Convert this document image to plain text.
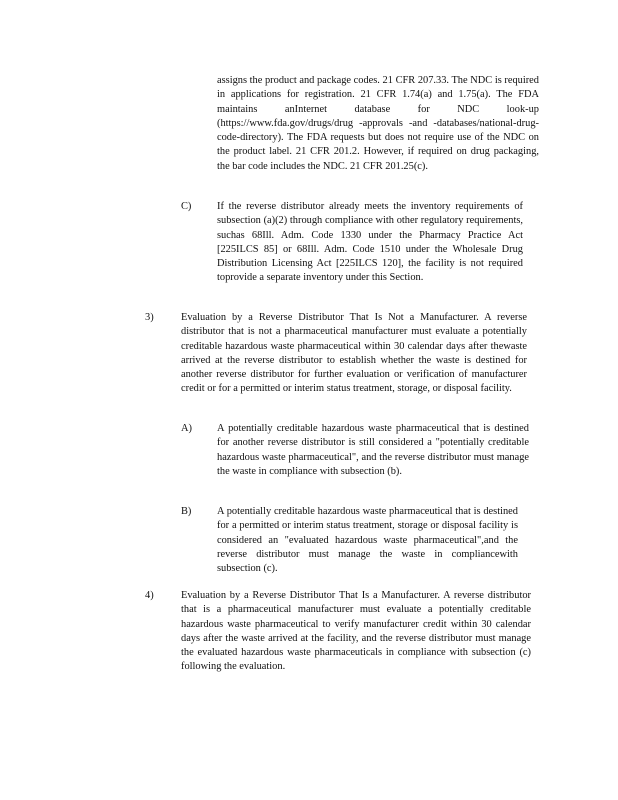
assigns the product and package codes. 21 CFR 207.33. The NDC is required in applications for registration. 21 CFR 1.74(a) and 1.75(a). The FDA maintains anInternet database for NDC look-up (https://www.fda.gov/drugs/drug -approvals -and -databases/national-drug-code-directory). The FDA requests but does not require use of the NDC on the product label. 21 CFR 201.2. However, if required on drug packaging, the bar code includes the NDC. 21 CFR 201.25(c).

C) If the reverse distributor already meets the inventory requirements of subsection (a)(2) through compliance with other regulatory requirements, suchas 68Ill. Adm. Code 1330 under the Pharmacy Practice Act [225ILCS 85] or 68Ill. Adm. Code 1510 under the Wholesale Drug Distribution Licensing Act [225ILCS 120], the facility is not required toprovide a separate inventory under this Section.

3)	Evaluation by a Reverse Distributor That Is Not a Manufacturer. A reverse distributor that is not a pharmaceutical manufacturer must evaluate a potentially creditable hazardous waste pharmaceutical within 30 calendar days after thewaste arrived at the reverse distributor to establish whether the waste is destined for another reverse distributor for further evaluation or verification of manufacturer credit or for a permitted or interim status treatment, storage, or disposal facility.

A) A potentially creditable hazardous waste pharmaceutical that is destined for another reverse distributor is still considered a "potentially creditable hazardous waste pharmaceutical", and the reverse distributor must manage the waste in compliance with subsection (b).

B) A potentially creditable hazardous waste pharmaceutical that is destined for a permitted or interim status treatment, storage or disposal facility is considered an "evaluated hazardous waste pharmaceutical",and the reverse distributor must manage the waste in compliancewith subsection (c).

4)	Evaluation by a Reverse Distributor That Is a Manufacturer. A reverse distributor that is a pharmaceutical manufacturer must evaluate a potentially creditable hazardous waste pharmaceutical to verify manufacturer credit within 30 calendar days after the waste arrived at the facility, and the reverse distributor must manage the evaluated hazardous waste pharmaceuticals in compliance with subsection (c) following the evaluation.
